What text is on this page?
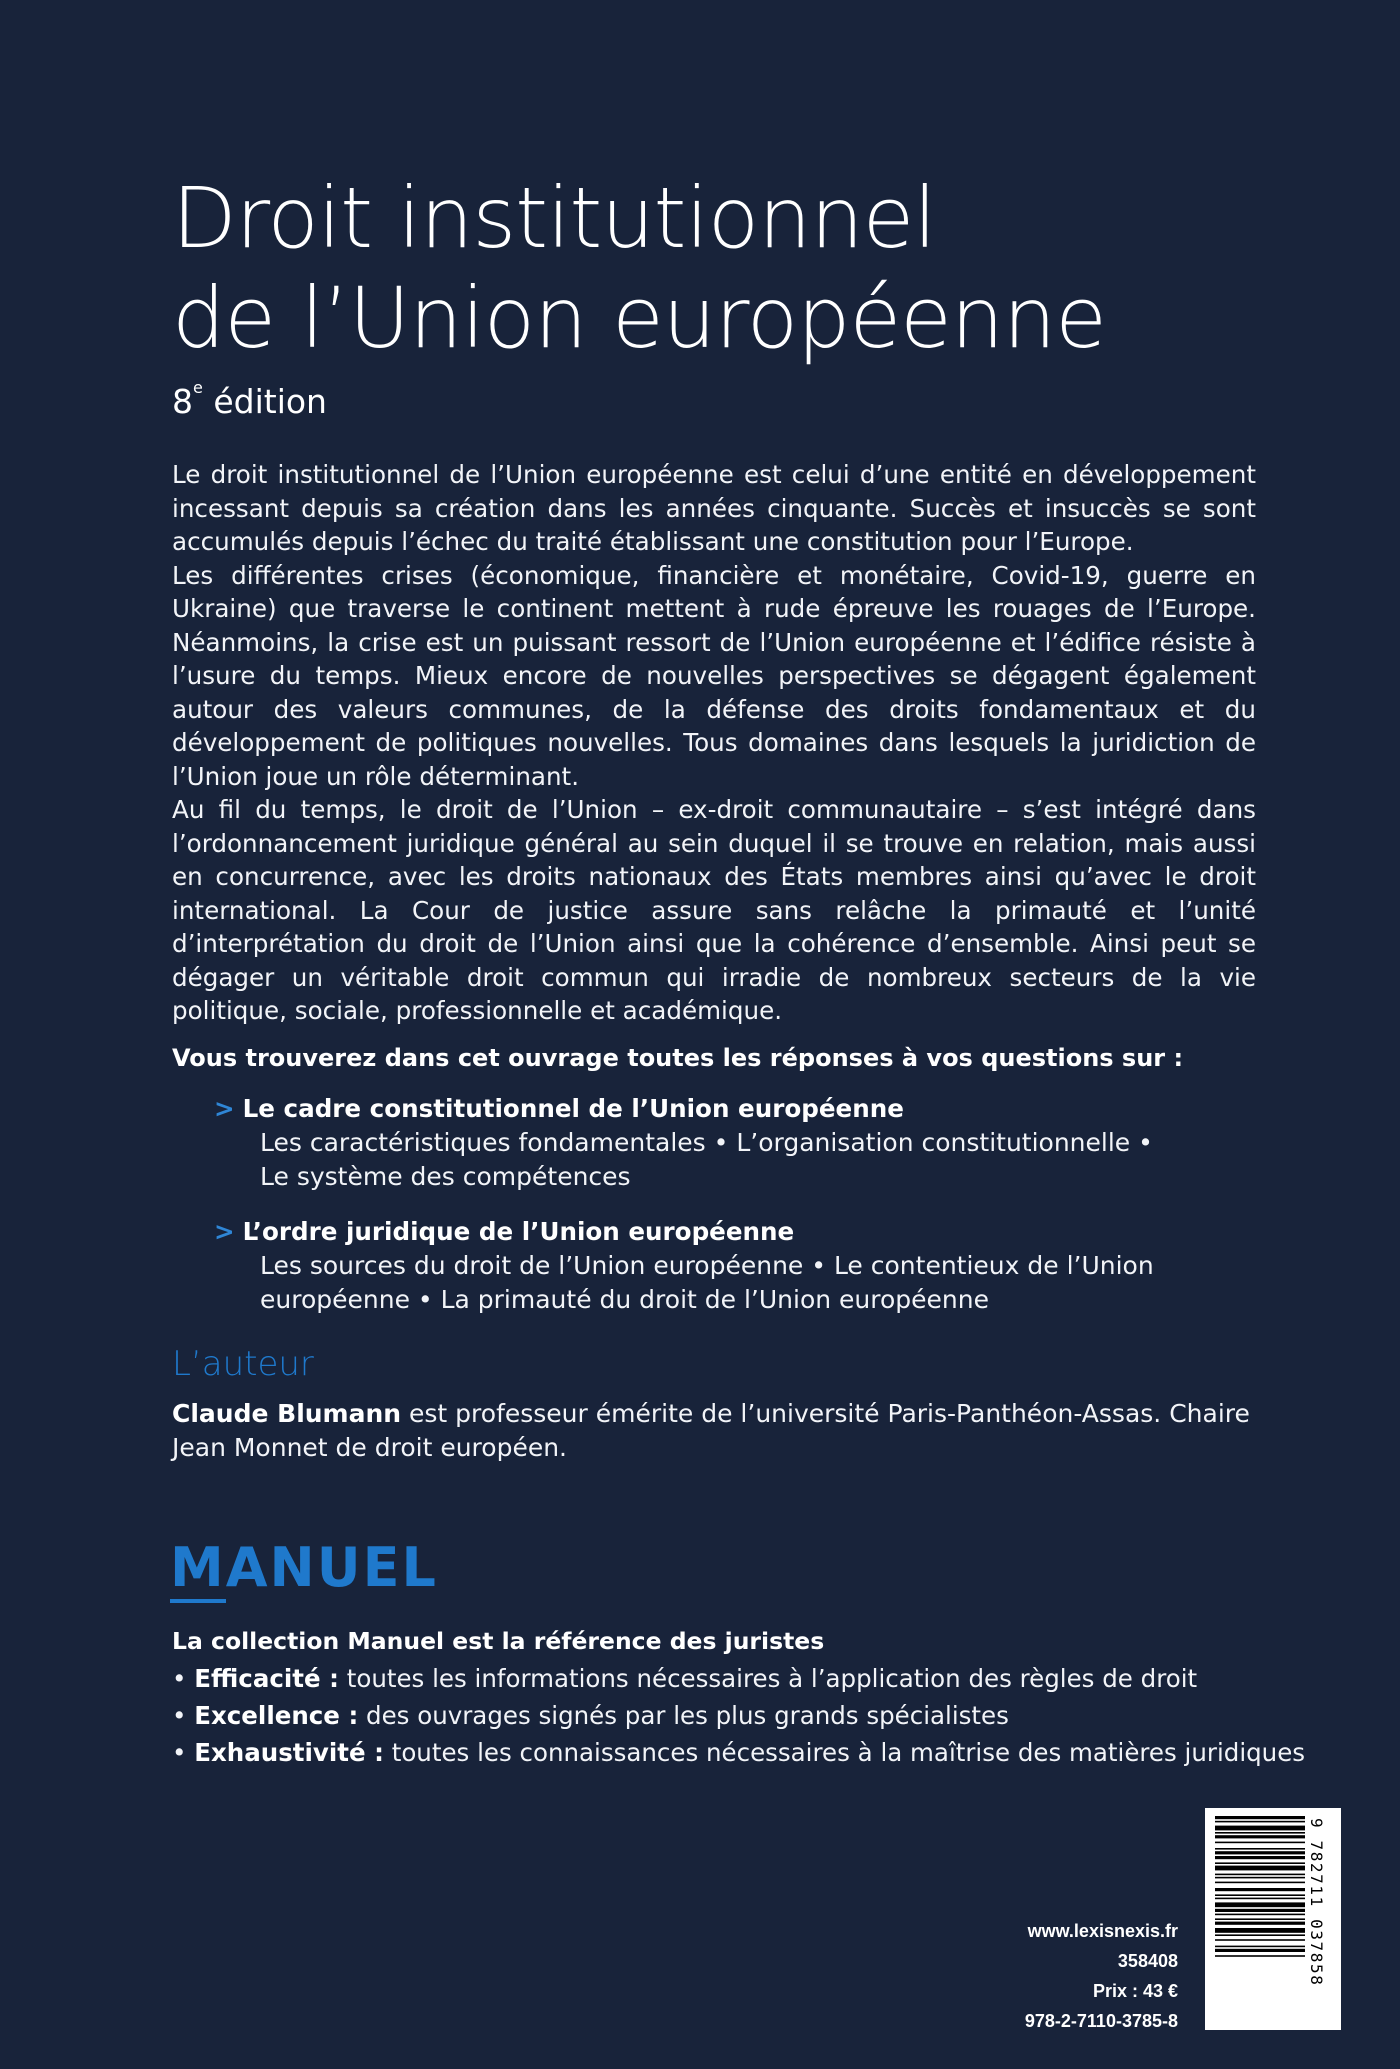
Droit institutionnel
de l’Union européenne
8e édition

Le droit institutionnel de l’Union européenne est celui d’une entité en développement incessant depuis sa création dans les années cinquante. Succès et insuccès se sont accumulés depuis l’échec du traité établissant une constitution pour l’Europe.

Les différentes crises (économique, financière et monétaire, Covid-19, guerre en Ukraine) que traverse le continent mettent à rude épreuve les rouages de l’Europe. Néanmoins, la crise est un puissant ressort de l’Union européenne et l’édifice résiste à l’usure du temps. Mieux encore de nouvelles perspectives se dégagent également autour des valeurs communes, de la défense des droits fondamentaux et du développement de politiques nouvelles. Tous domaines dans lesquels la juridiction de l’Union joue un rôle déterminant.

Au fil du temps, le droit de l’Union – ex-droit communautaire – s’est intégré dans l’ordonnancement juridique général au sein duquel il se trouve en relation, mais aussi en concurrence, avec les droits nationaux des États membres ainsi qu’avec le droit international. La Cour de justice assure sans relâche la primauté et l’unité d’interprétation du droit de l’Union ainsi que la cohérence d’ensemble. Ainsi peut se dégager un véritable droit commun qui irradie de nombreux secteurs de la vie politique, sociale, professionnelle et académique.

Vous trouverez dans cet ouvrage toutes les réponses à vos questions sur :
> Le cadre constitutionnel de l’Union européenne
Les caractéristiques fondamentales • L’organisation constitutionnelle •
Le système des compétences
> L’ordre juridique de l’Union européenne
Les sources du droit de l’Union européenne • Le contentieux de l’Union
européenne • La primauté du droit de l’Union européenne
L’auteur
Claude Blumann est professeur émérite de l’université Paris-Panthéon-Assas. Chaire Jean Monnet de droit européen.
MANUEL
La collection Manuel est la référence des juristes
• Efficacité : toutes les informations nécessaires à l’application des règles de droit
• Excellence : des ouvrages signés par les plus grands spécialistes
• Exhaustivité : toutes les connaissances nécessaires à la maîtrise des matières juridiques
www.lexisnexis.fr
358408
Prix : 43 €
978-2-7110-3785-8
9 782711 037858
